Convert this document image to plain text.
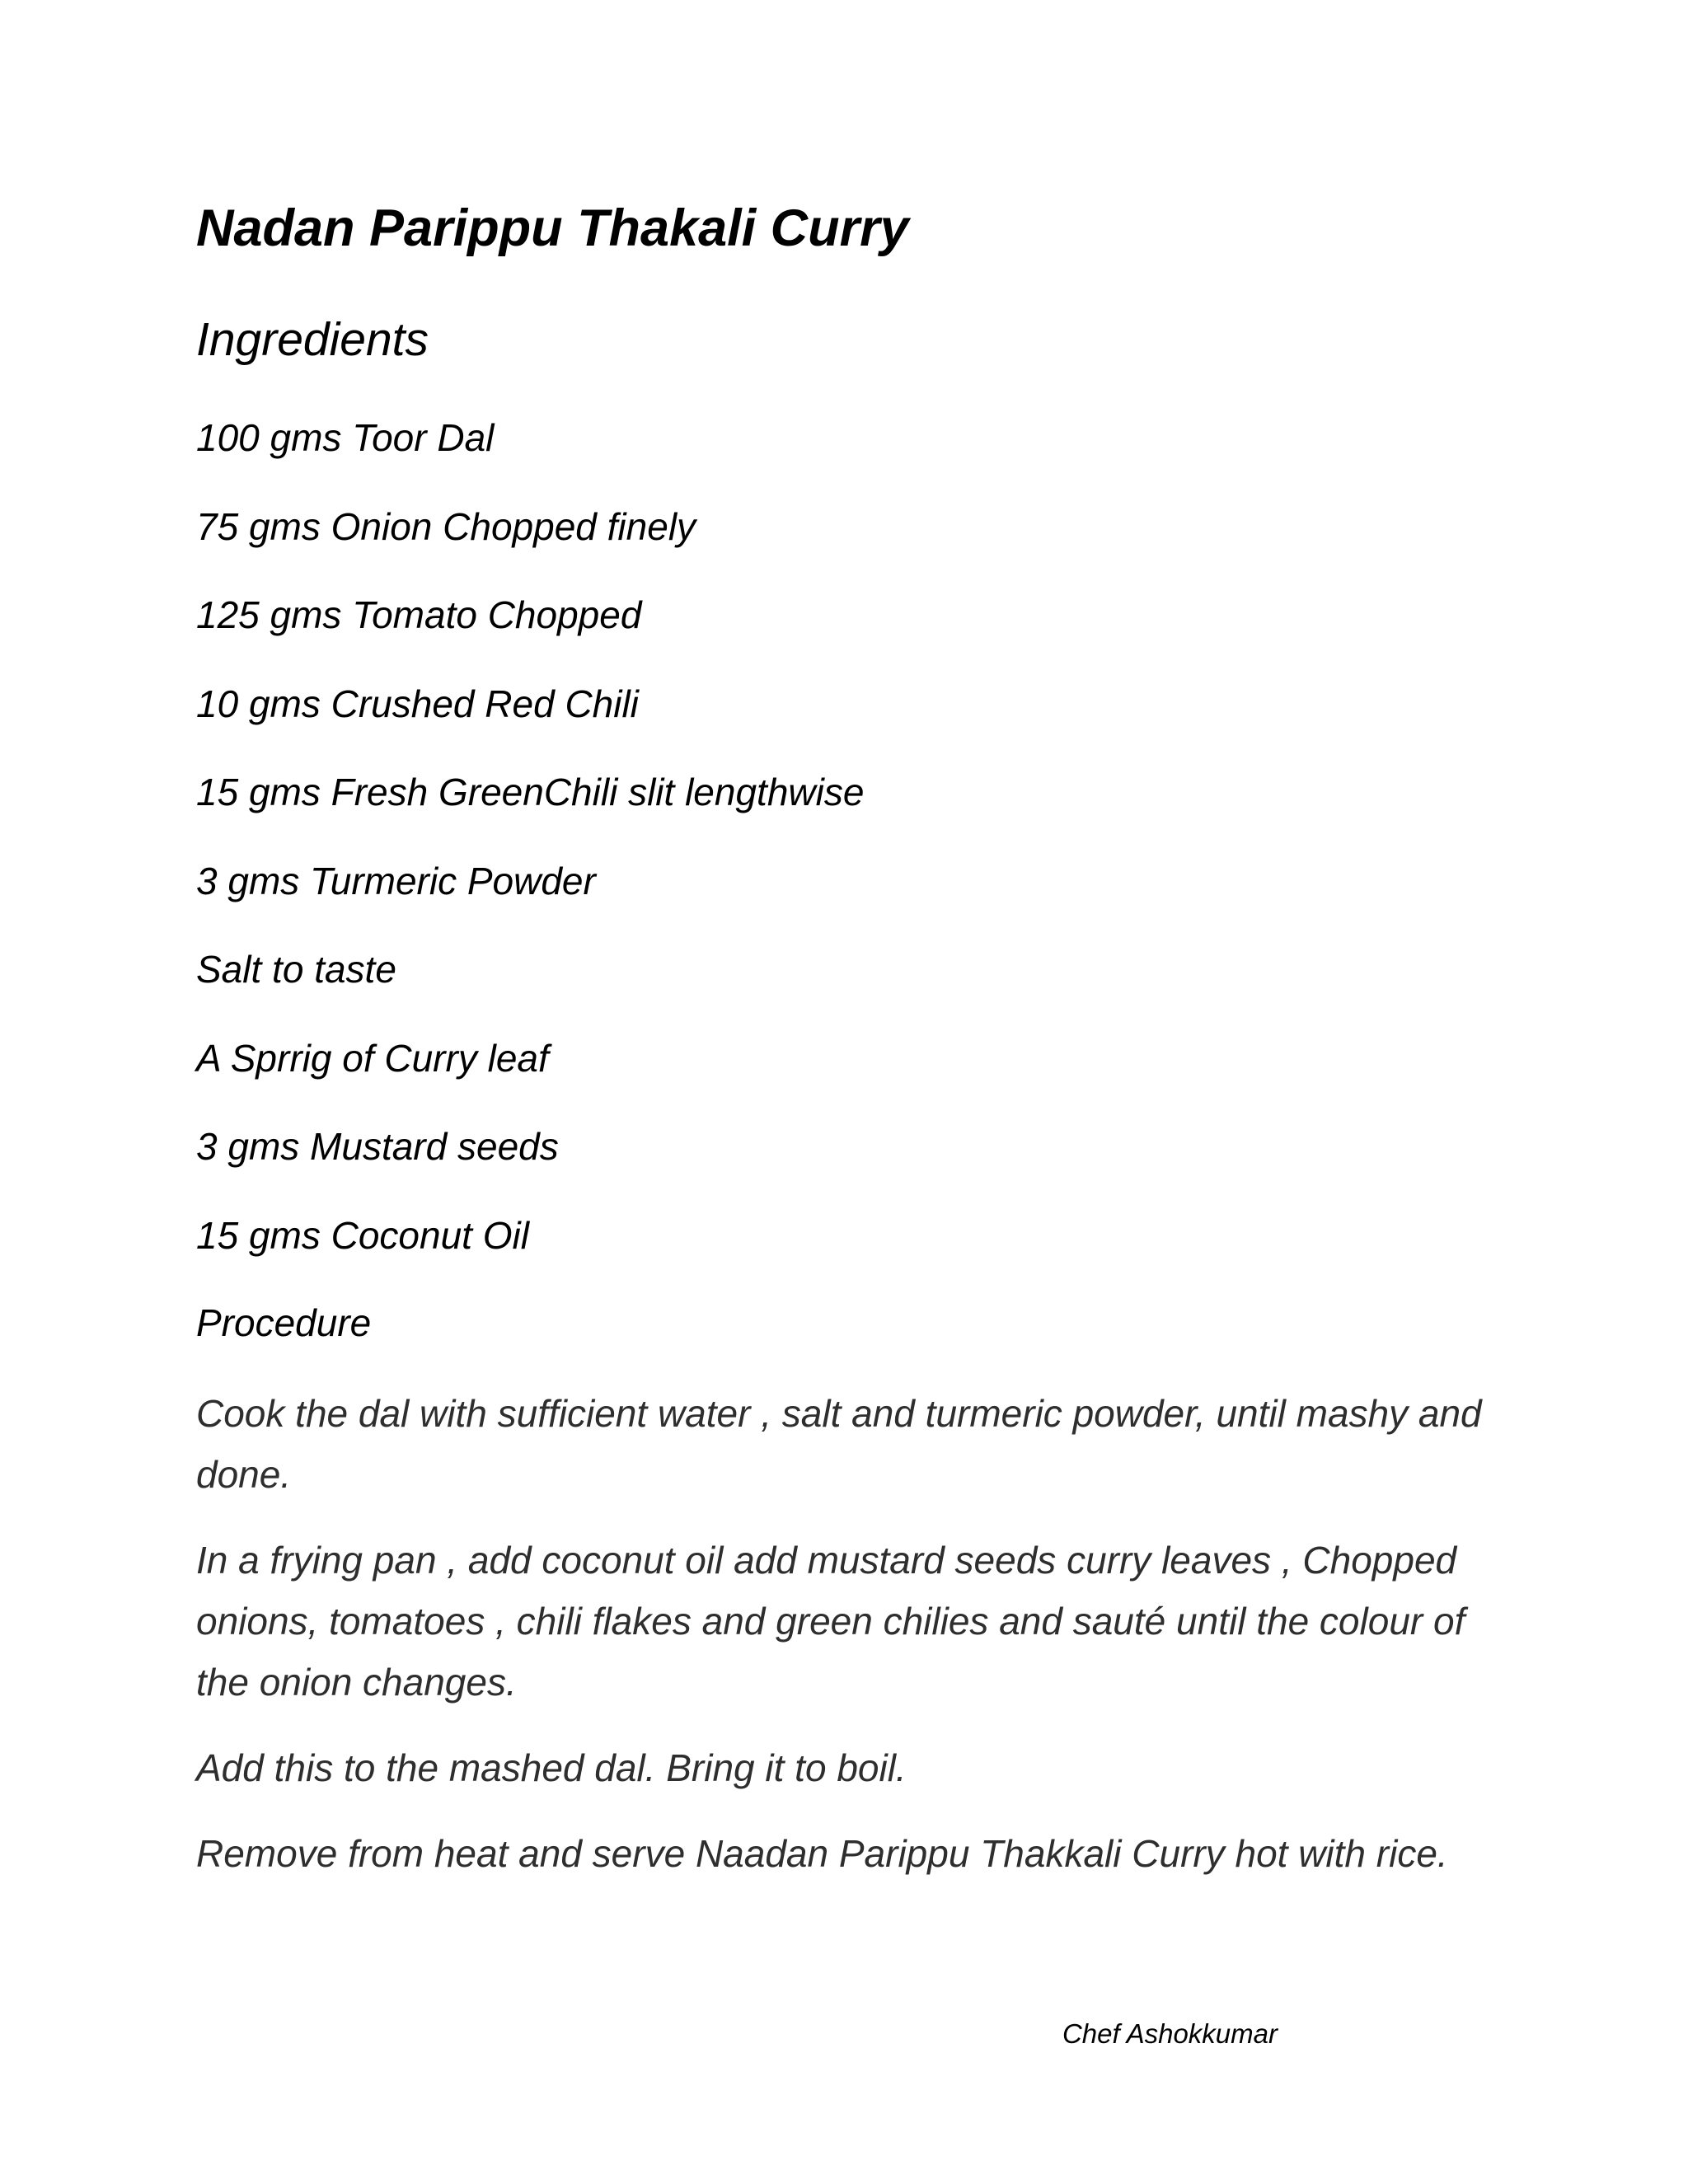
Nadan Parippu Thakali Curry
Ingredients
100 gms Toor Dal
75 gms Onion Chopped finely
125 gms Tomato Chopped
10 gms Crushed Red Chili
15 gms Fresh GreenChili slit lengthwise
3 gms Turmeric Powder
Salt to taste
A Sprrig of Curry leaf
3 gms Mustard seeds
15 gms Coconut Oil
Procedure

Cook the dal with sufficient water , salt and turmeric powder, until mashy and done.

In a frying pan , add coconut oil add mustard seeds curry leaves , Chopped onions, tomatoes , chili flakes and green chilies and sauté until the colour of the onion changes.

Add this to the mashed dal. Bring it to boil.

Remove from heat and serve Naadan Parippu Thakkali Curry hot with rice.

Chef Ashokkumar
